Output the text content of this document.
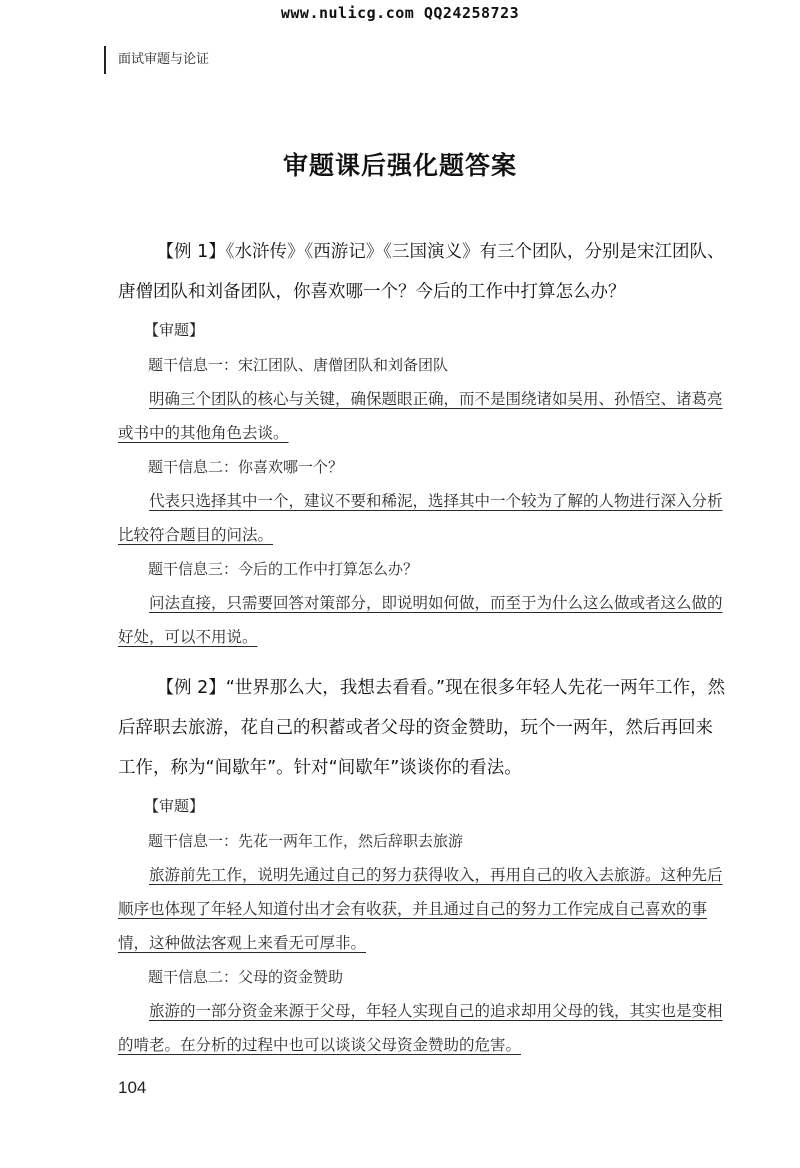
www.nulicg.com QQ24258723
面试审题与论证
审题课后强化题答案

【例 1】《水浒传》《西游记》《三国演义》有三个团队，分别是宋江团队、唐僧团队和刘备团队，你喜欢哪一个？今后的工作中打算怎么办？

【审题】

题干信息一：宋江团队、唐僧团队和刘备团队

明确三个团队的核心与关键，确保题眼正确，而不是围绕诸如吴用、孙悟空、诸葛亮或书中的其他角色去谈。

题干信息二：你喜欢哪一个？

代表只选择其中一个，建议不要和稀泥，选择其中一个较为了解的人物进行深入分析比较符合题目的问法。

题干信息三：今后的工作中打算怎么办？

问法直接，只需要回答对策部分，即说明如何做，而至于为什么这么做或者这么做的好处，可以不用说。

【例 2】“世界那么大，我想去看看。”现在很多年轻人先花一两年工作，然后辞职去旅游，花自己的积蓄或者父母的资金赞助，玩个一两年，然后再回来工作，称为“间歇年”。针对“间歇年”谈谈你的看法。

【审题】

题干信息一：先花一两年工作，然后辞职去旅游

旅游前先工作，说明先通过自己的努力获得收入，再用自己的收入去旅游。这种先后顺序也体现了年轻人知道付出才会有收获，并且通过自己的努力工作完成自己喜欢的事情，这种做法客观上来看无可厚非。

题干信息二：父母的资金赞助

旅游的一部分资金来源于父母，年轻人实现自己的追求却用父母的钱，其实也是变相的啃老。在分析的过程中也可以谈谈父母资金赞助的危害。

104
